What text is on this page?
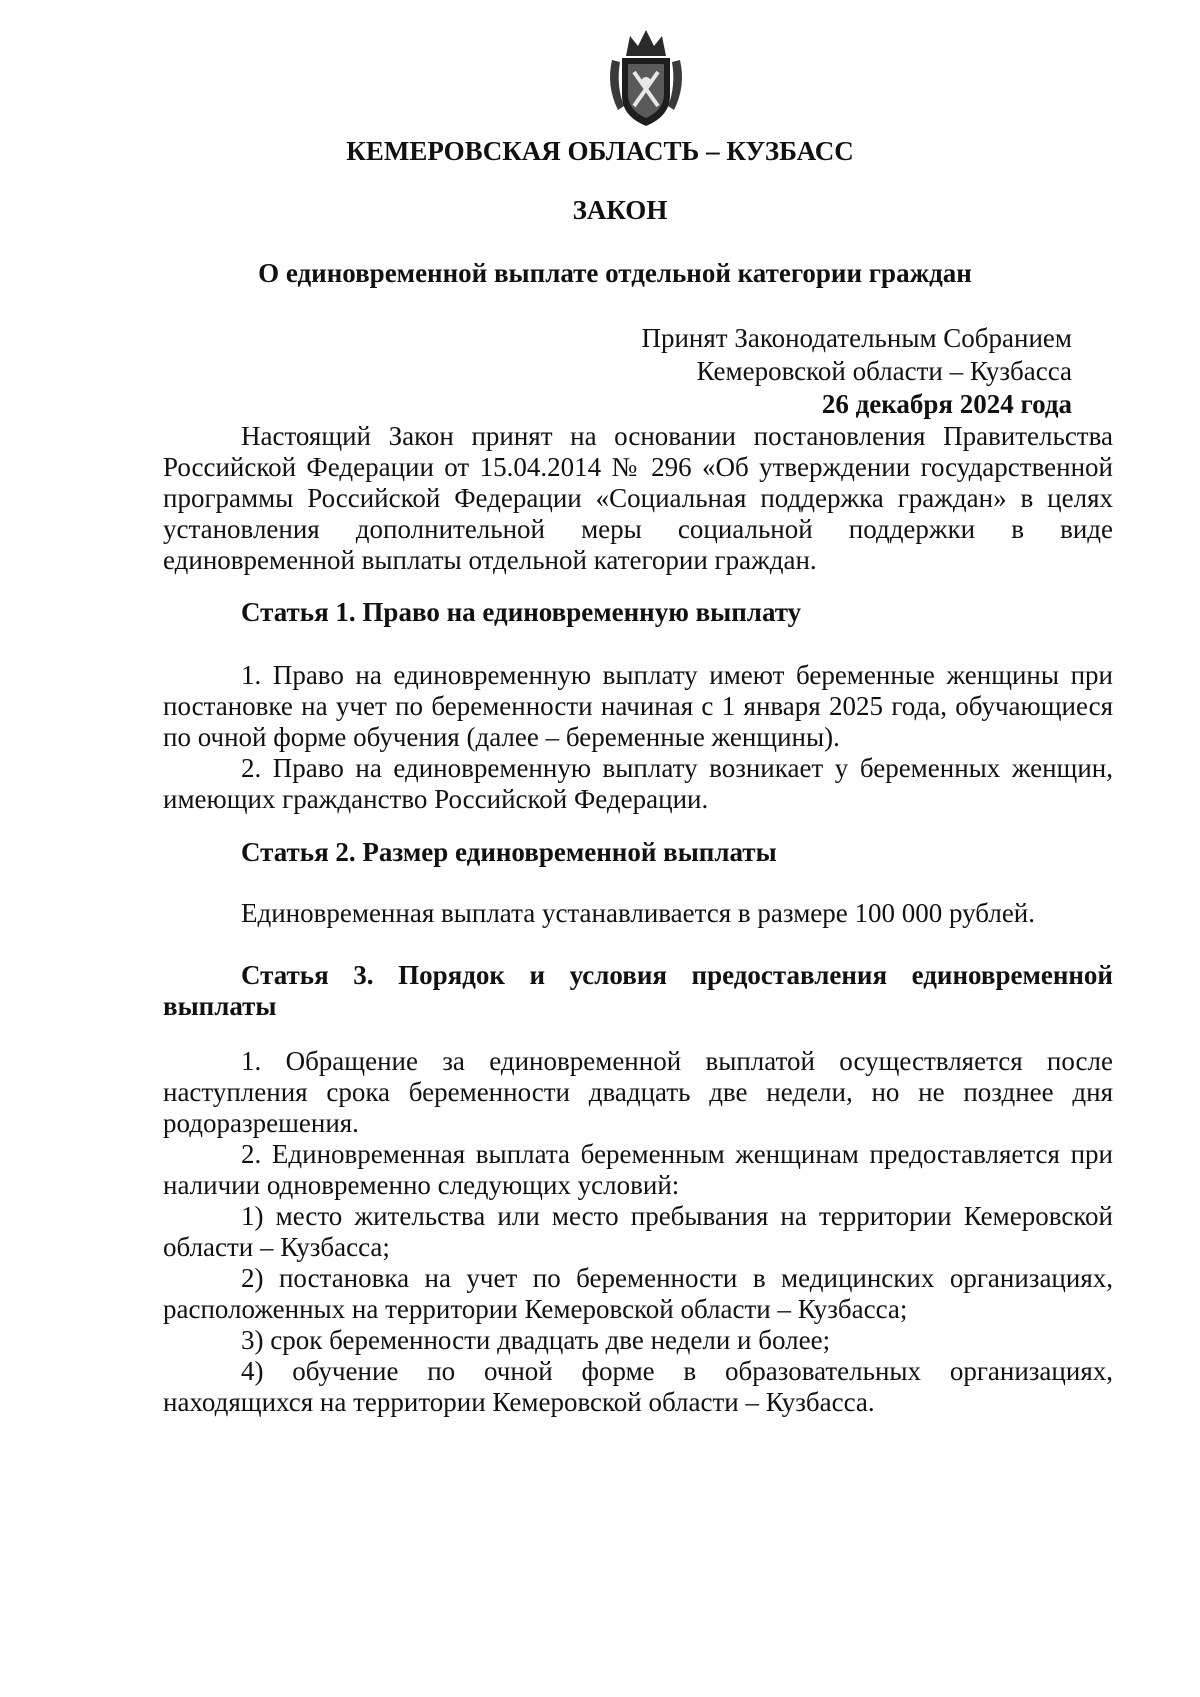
КЕМЕРОВСКАЯ ОБЛАСТЬ – КУЗБАСС
ЗАКОН
О единовременной выплате отдельной категории граждан
Принят Законодательным Собранием
Кемеровской области – Кузбасса
26 декабря 2024 года

Настоящий Закон принят на основании постановления Правительства Российской Федерации от 15.04.2014 № 296 «Об утверждении государственной программы Российской Федерации «Социальная поддержка граждан» в целях установления дополнительной меры социальной поддержки в виде единовременной выплаты отдельной категории граждан.

Статья 1. Право на единовременную выплату

1. Право на единовременную выплату имеют беременные женщины при постановке на учет по беременности начиная с 1 января 2025 года, обучающиеся по очной форме обучения (далее – беременные женщины).

2. Право на единовременную выплату возникает у беременных женщин, имеющих гражданство Российской Федерации.

Статья 2. Размер единовременной выплаты

Единовременная выплата устанавливается в размере 100 000 рублей.

Статья 3. Порядок и условия предоставления единовременной выплаты

1. Обращение за единовременной выплатой осуществляется после наступления срока беременности двадцать две недели, но не позднее дня родоразрешения.

2. Единовременная выплата беременным женщинам предоставляется при наличии одновременно следующих условий:

1) место жительства или место пребывания на территории Кемеровской области – Кузбасса;

2) постановка на учет по беременности в медицинских организациях, расположенных на территории Кемеровской области – Кузбасса;

3) срок беременности двадцать две недели и более;

4) обучение по очной форме в образовательных организациях, находящихся на территории Кемеровской области – Кузбасса.
